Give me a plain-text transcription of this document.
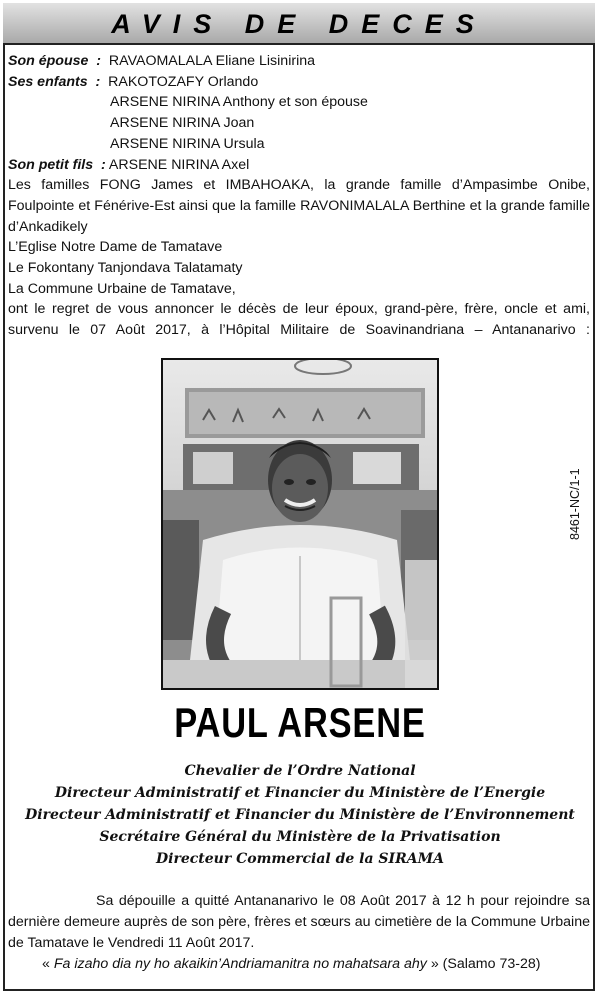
AVIS DE DECES
Son épouse  :  RAVAOMALALA Eliane Lisinirina
Ses enfants  :  RAKOTOZAFY Orlando
ARSENE NIRINA Anthony et son épouse
ARSENE NIRINA Joan
ARSENE NIRINA Ursula
Son petit fils  : ARSENE NIRINA Axel
Les familles FONG James et IMBAHOAKA, la grande famille d’Ampasimbe Onibe,
Foulpointe et Fénérive-Est ainsi que la famille RAVONIMALALA Berthine et la grande famille
d’Ankadikely
L’Eglise Notre Dame de Tamatave
Le Fokontany Tanjondava Talatamaty
La Commune Urbaine de Tamatave,
ont le regret de vous annoncer le décès de leur époux, grand-père, frère, oncle et ami,
survenu le 07 Août 2017, à l’Hôpital Militaire de Soavinandriana – Antananarivo :
8461-NC/1-1
PAUL ARSENE
Chevalier de l’Ordre National
Directeur Administratif et Financier du Ministère de l’Energie
Directeur Administratif et Financier du Ministère de l’Environnement
Secrétaire Général du Ministère de la Privatisation
Directeur Commercial de la SIRAMA
Sa dépouille a quitté Antananarivo le 08 Août 2017 à 12 h pour rejoindre sa dernière demeure auprès de son père, frères et sœurs au cimetière de la Commune Urbaine de Tamatave le Vendredi 11 Août 2017.
« Fa izaho dia ny ho akaikin’Andriamanitra no mahatsara ahy » (Salamo 73-28)
